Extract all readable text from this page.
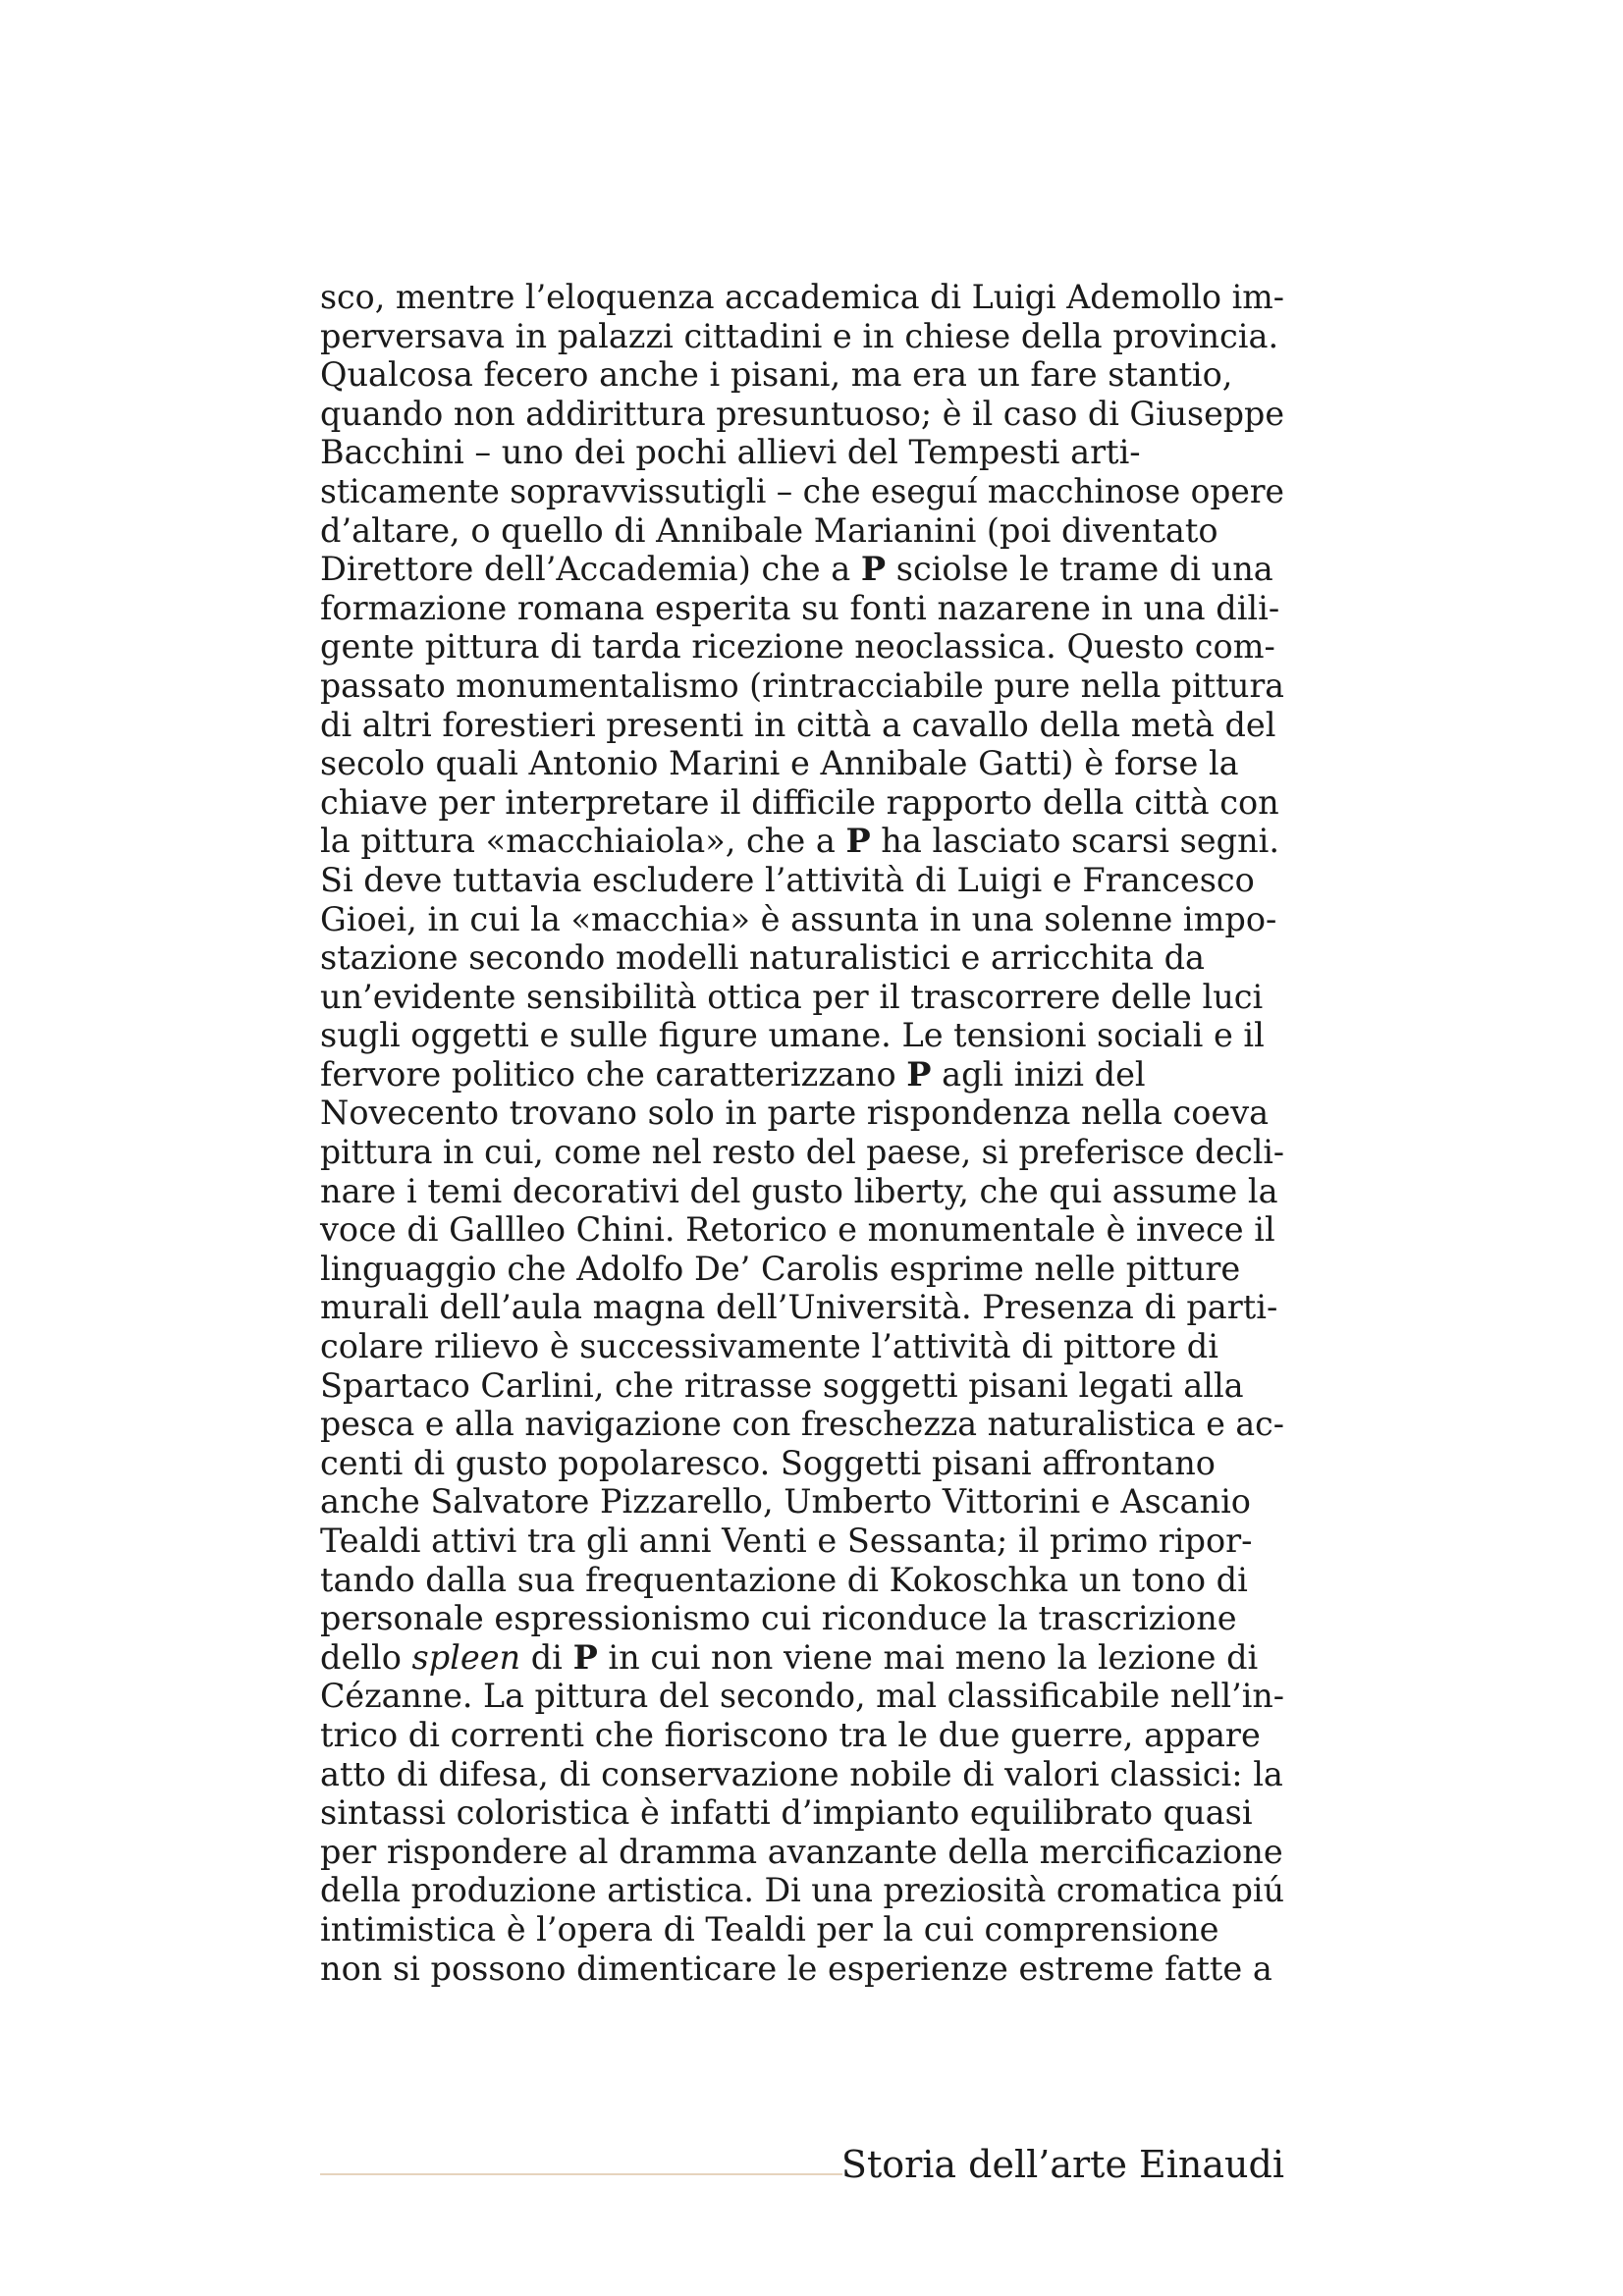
sco, mentre l’eloquenza accademica di Luigi Ademollo im-
perversava in palazzi cittadini e in chiese della provincia.
Qualcosa fecero anche i pisani, ma era un fare stantio,
quando non addirittura presuntuoso; è il caso di Giuseppe
Bacchini – uno dei pochi allievi del Tempesti arti-
sticamente sopravvissutigli – che eseguí macchinose opere
d’altare, o quello di Annibale Marianini (poi diventato
Direttore dell’Accademia) che a P sciolse le trame di una
formazione romana esperita su fonti nazarene in una dili-
gente pittura di tarda ricezione neoclassica. Questo com-
passato monumentalismo (rintracciabile pure nella pittura
di altri forestieri presenti in città a cavallo della metà del
secolo quali Antonio Marini e Annibale Gatti) è forse la
chiave per interpretare il difficile rapporto della città con
la pittura «macchiaiola», che a P ha lasciato scarsi segni.
Si deve tuttavia escludere l’attività di Luigi e Francesco
Gioei, in cui la «macchia» è assunta in una solenne impo-
stazione secondo modelli naturalistici e arricchita da
un’evidente sensibilità ottica per il trascorrere delle luci
sugli oggetti e sulle figure umane. Le tensioni sociali e il
fervore politico che caratterizzano P agli inizi del
Novecento trovano solo in parte rispondenza nella coeva
pittura in cui, come nel resto del paese, si preferisce decli-
nare i temi decorativi del gusto liberty, che qui assume la
voce di Gallleo Chini. Retorico e monumentale è invece il
linguaggio che Adolfo De’ Carolis esprime nelle pitture
murali dell’aula magna dell’Università. Presenza di parti-
colare rilievo è successivamente l’attività di pittore di
Spartaco Carlini, che ritrasse soggetti pisani legati alla
pesca e alla navigazione con freschezza naturalistica e ac-
centi di gusto popolaresco. Soggetti pisani affrontano
anche Salvatore Pizzarello, Umberto Vittorini e Ascanio
Tealdi attivi tra gli anni Venti e Sessanta; il primo ripor-
tando dalla sua frequentazione di Kokoschka un tono di
personale espressionismo cui riconduce la trascrizione
dello spleen di P in cui non viene mai meno la lezione di
Cézanne. La pittura del secondo, mal classificabile nell’in-
trico di correnti che fioriscono tra le due guerre, appare
atto di difesa, di conservazione nobile di valori classici: la
sintassi coloristica è infatti d’impianto equilibrato quasi
per rispondere al dramma avanzante della mercificazione
della produzione artistica. Di una preziosità cromatica piú
intimistica è l’opera di Tealdi per la cui comprensione
non si possono dimenticare le esperienze estreme fatte a
Storia dell’arte Einaudi
